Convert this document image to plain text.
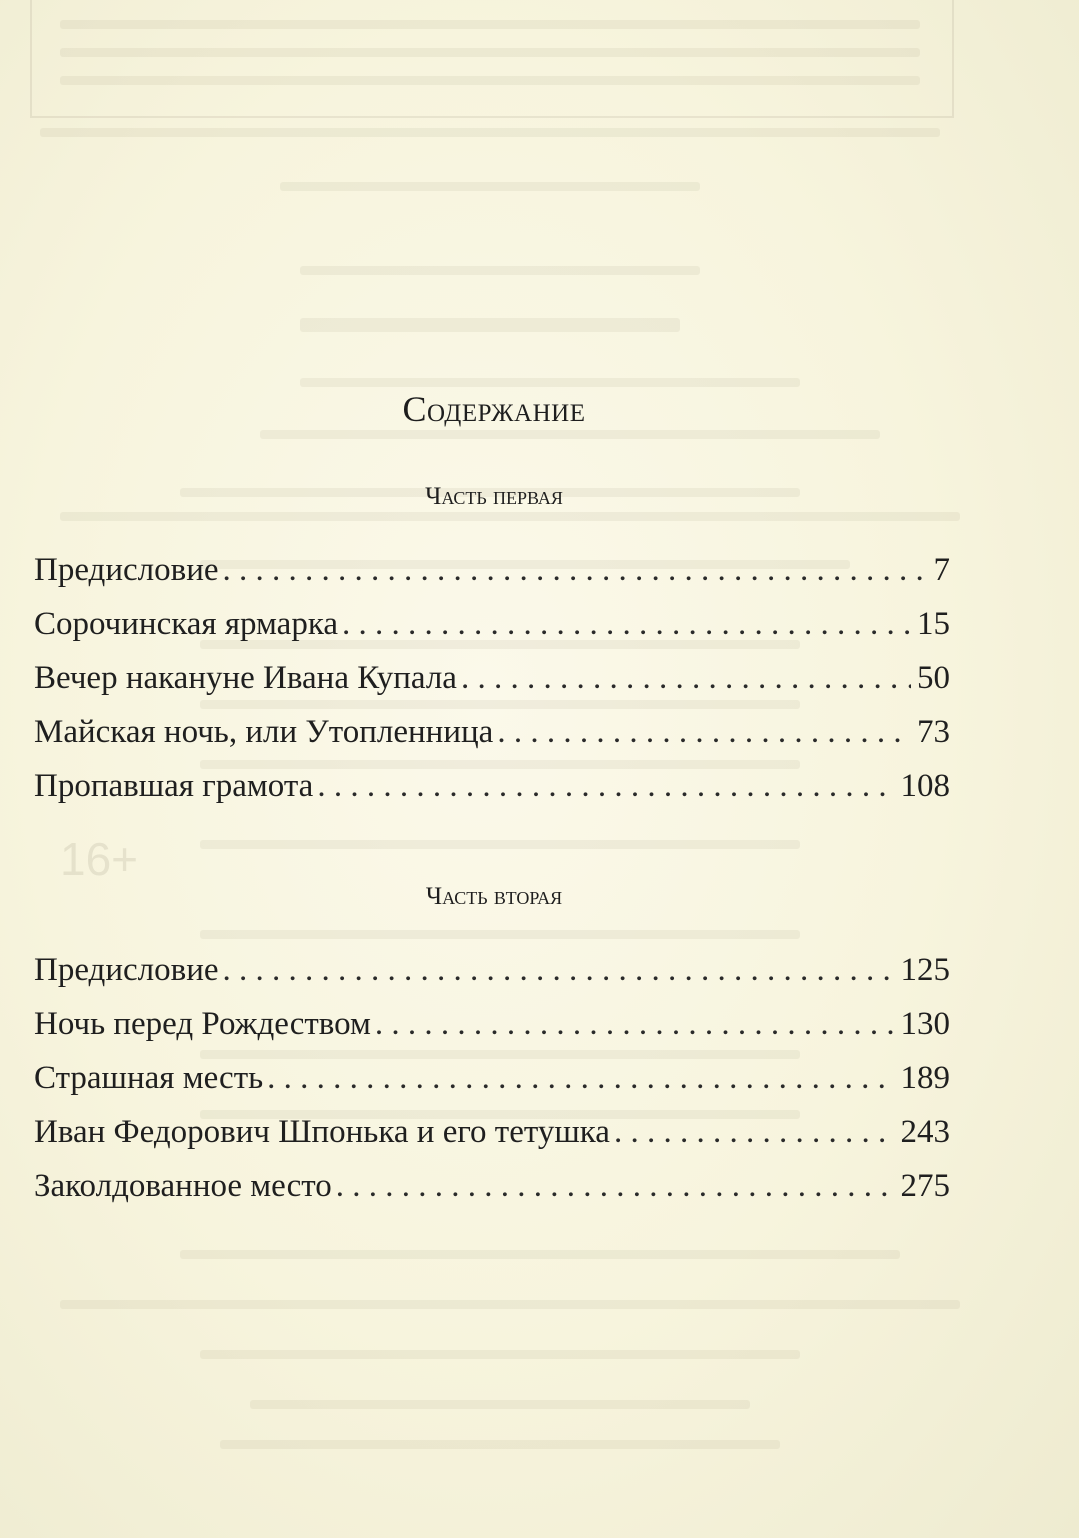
16+
Содержание
Часть первая
Предисловие . . .	7
Сорочинская ярмарка . . .	15
Вечер накануне Ивана Купала . . .	50
Майская ночь, или Утопленница . . .	73
Пропавшая грамота . . .	108
Часть вторая
Предисловие . . .	125
Ночь перед Рождеством . . .	130
Страшная месть . . .	189
Иван Федорович Шпонька и его тетушка . . .	243
Заколдованное место . . .	275
